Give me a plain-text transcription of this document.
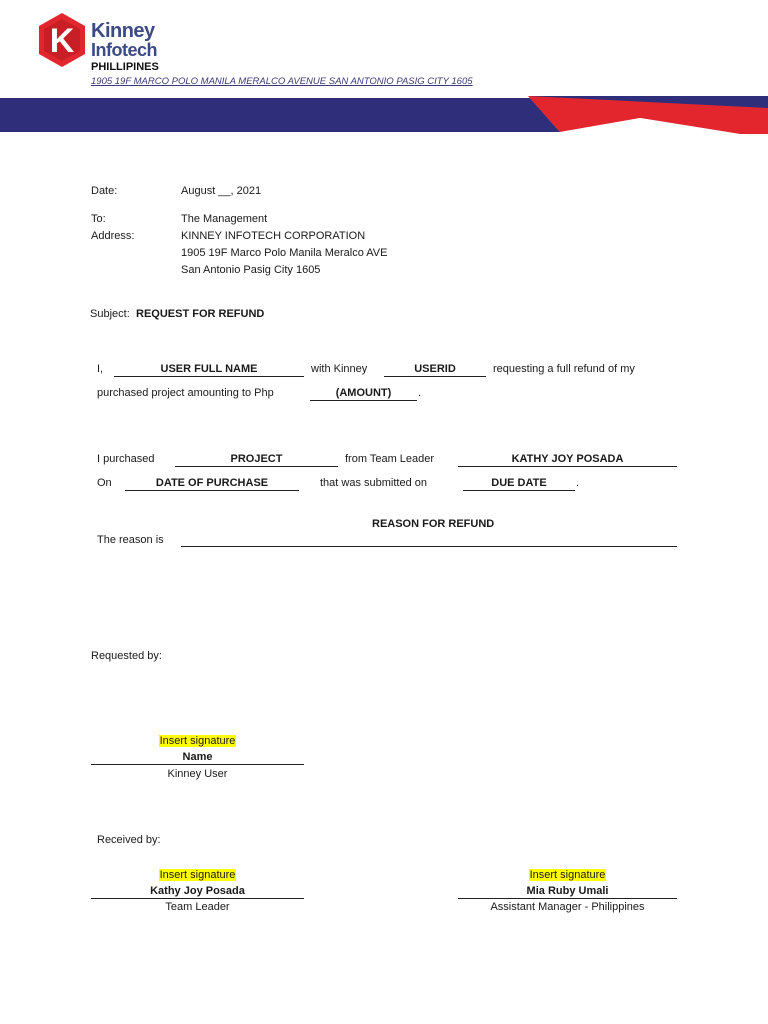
K Kinney
Infotech
PHILLIPINES
1905 19F MARCO POLO MANILA MERALCO AVENUE SAN ANTONIO PASIG CITY 1605
Date:	August __, 2021
To:	The Management
Address:	KINNEY INFOTECH CORPORATION
1905 19F Marco Polo Manila Meralco AVE
San Antonio Pasig City 1605
Subject: REQUEST FOR REFUND
I,	USER FULL NAME	with Kinney	USERID	requesting a full refund of my
purchased project amounting to Php	(AMOUNT)	.
I purchased	PROJECT	from Team Leader	KATHY JOY POSADA
On	DATE OF PURCHASE	that was submitted on	DUE DATE	.
REASON FOR REFUND
The reason is
Requested by:
Insert signature
Name
Kinney User
Received by:
Insert signature
Kathy Joy Posada
Team Leader
Insert signature
Mia Ruby Umali
Assistant Manager - Philippines
